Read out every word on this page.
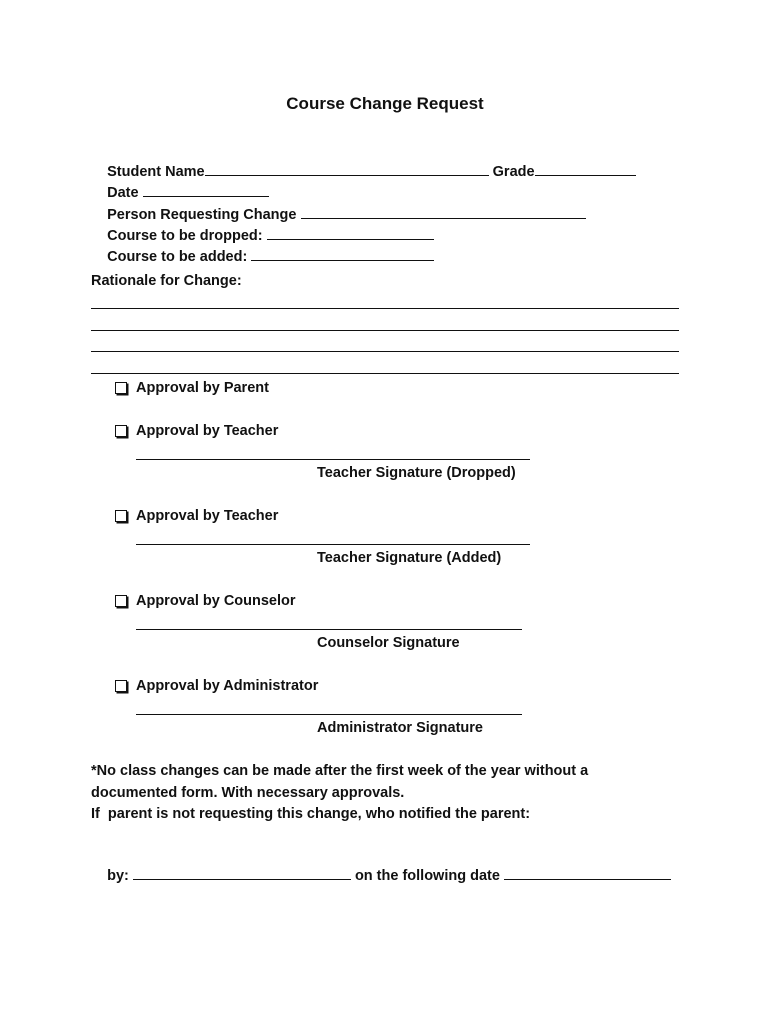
Course Change Request

Student Name	Grade

Date

Person Requesting Change

Course to be dropped:

Course to be added:

Rationale for Change:
Approval by Parent
Approval by Teacher
Teacher Signature (Dropped)
Approval by Teacher
Teacher Signature (Added)
Approval by Counselor
Counselor Signature
Approval by Administrator
Administrator Signature
*No class changes can be made after the first week of the year without a
documented form. With necessary approvals.
If  parent is not requesting this change, who notified the parent:

by:	on the following date
